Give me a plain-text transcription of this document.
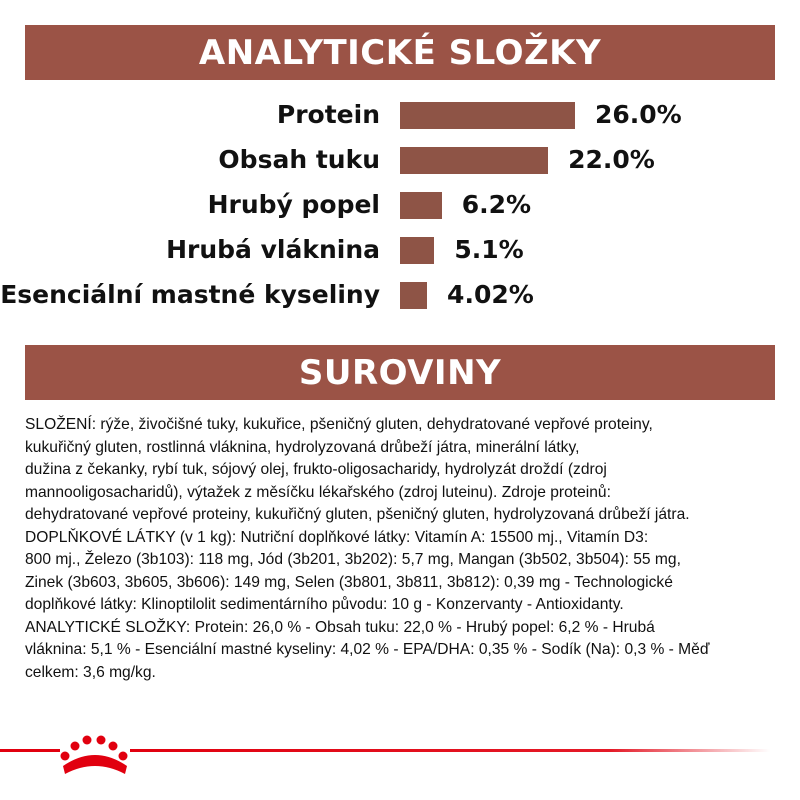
ANALYTICKÉ SLOŽKY
Protein	26.0%
Obsah tuku	22.0%
Hrubý popel	6.2%
Hrubá vláknina	5.1%
Esenciální mastné kyseliny	4.02%
SUROVINY

SLOŽENÍ: rýže, živočišné tuky, kukuřice, pšeničný gluten, dehydratované vepřové proteiny,

kukuřičný gluten, rostlinná vláknina, hydrolyzovaná drůbeží játra, minerální látky,

dužina z čekanky, rybí tuk, sójový olej, frukto-oligosacharidy, hydrolyzát droždí (zdroj

mannooligosacharidů), výtažek z měsíčku lékařského (zdroj luteinu). Zdroje proteinů:

dehydratované vepřové proteiny, kukuřičný gluten, pšeničný gluten, hydrolyzovaná drůbeží játra.

DOPLŇKOVÉ LÁTKY (v 1 kg): Nutriční doplňkové látky: Vitamín A: 15500 mj., Vitamín D3:

800 mj., Železo (3b103): 118 mg, Jód (3b201, 3b202): 5,7 mg, Mangan (3b502, 3b504): 55 mg,

Zinek (3b603, 3b605, 3b606): 149 mg, Selen (3b801, 3b811, 3b812): 0,39 mg - Technologické

doplňkové látky: Klinoptilolit sedimentárního původu: 10 g - Konzervanty - Antioxidanty.

ANALYTICKÉ SLOŽKY: Protein: 26,0 % - Obsah tuku: 22,0 % - Hrubý popel: 6,2 % - Hrubá

vláknina: 5,1 % - Esenciální mastné kyseliny: 4,02 % - EPA/DHA: 0,35 % - Sodík (Na): 0,3 % - Měď

celkem: 3,6 mg/kg.
